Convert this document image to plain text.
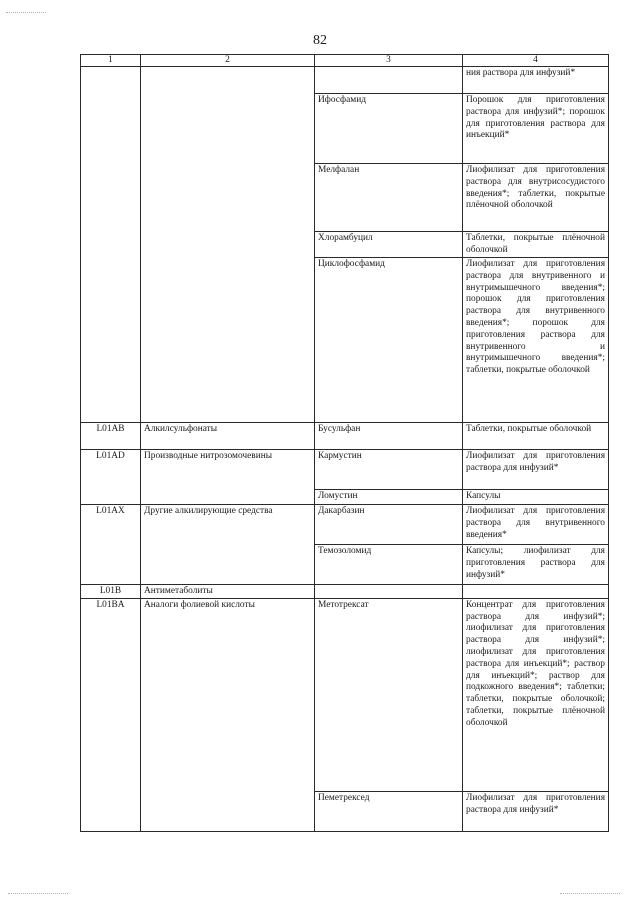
82
1	2	3	4
			ния раствора для инфузий*
		Ифосфамид	Порошок для приготовления раствора для инфузий*; порошок для приготовления раствора для инъекций*
		Мелфалан	Лиофилизат для приготовления раствора для внутрисосудистого введения*; таблетки, покрытые плёночной оболочкой
		Хлорамбуцил	Таблетки, покрытые плёночной оболочкой
		Циклофосфамид	Лиофилизат для приготовления раствора для внутривенного и внутримышечного введения*; порошок для приготовления раствора для внутривенного введения*; порошок для приготовления раствора для внутривенного и внутримышечного введения*; таблетки, покрытые оболочкой
L01AB	Алкилсульфонаты	Бусульфан	Таблетки, покрытые оболочкой
L01AD	Производные нитрозомочевины	Кармустин	Лиофилизат для приготовления раствора для инфузий*
		Ломустин	Капсулы
L01AX	Другие алкилирующие средства	Дакарбазин	Лиофилизат для приготовления раствора для внутривенного введения*
		Темозоломид	Капсулы; лиофилизат для приготовления раствора для инфузий*
L01B	Антиметаболиты		
L01BA	Аналоги фолиевой кислоты	Метотрексат	Концентрат для приготовления раствора для инфузий*; лиофилизат для приготовления раствора для инфузий*; лиофилизат для приготовления раствора для инъекций*; раствор для инъекций*; раствор для подкожного введения*; таблетки; таблетки, покрытые оболочкой; таблетки, покрытые плёночной оболочкой
		Пеметрексед	Лиофилизат для приготовления раствора для инфузий*
